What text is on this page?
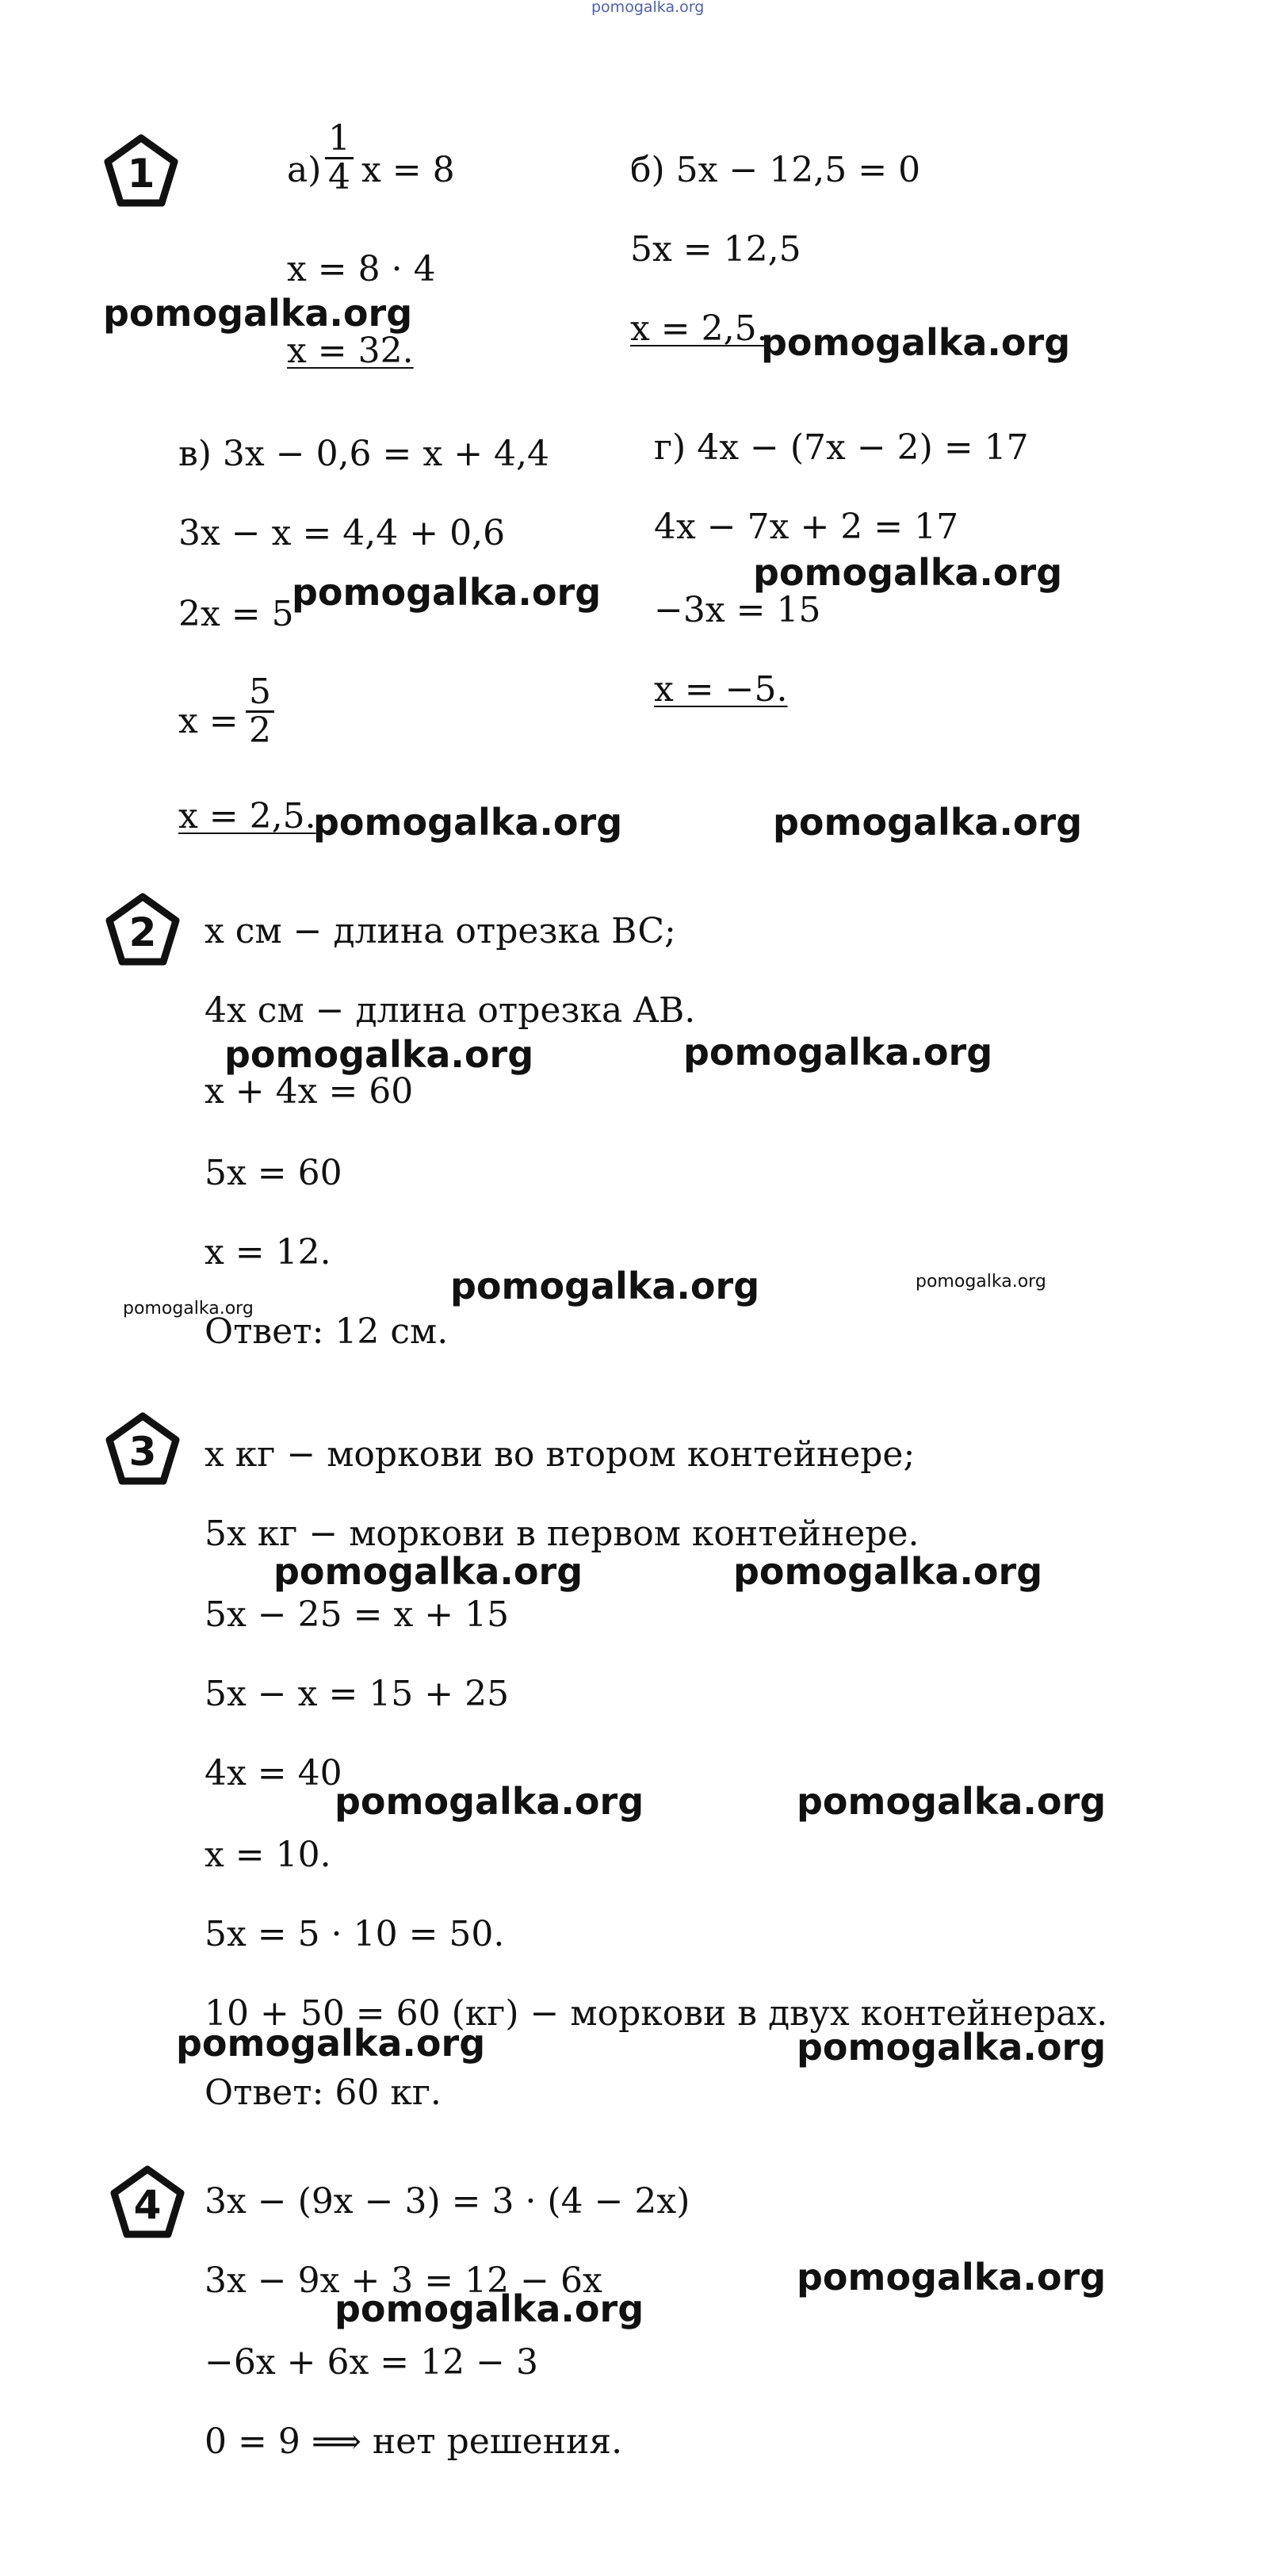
pomogalka.org
1	$а) \frac{1}{4}$ x = 8
x = 8 · 4
x = 32.
б) 5x − 12,5 = 0
5x = 12,5
x = 2,5.
в) 3x − 0,6 = x + 4,4
3x − x = 4,4 + 0,6
2x = 5
$x = \frac{5}{2}$
x = 2,5.
г) 4x − (7x − 2) = 17
4x − 7x + 2 = 17
−3x = 15
x = −5.
pomogalka.org
pomogalka.org
pomogalka.org	pomogalka.org
pomogalka.org	pomogalka.org
2 x см − длина отрезка BC;
4x см − длина отрезка AB.
x + 4x = 60
5x = 60
x = 12.
Ответ: 12 см.
pomogalka.org	pomogalka.org
pomogalka.org
pomogalka.org
pomogalka.org
3 x кг − моркови во втором контейнере;
5x кг − моркови в первом контейнере.
5x − 25 = x + 15
5x − x = 15 + 25
4x = 40
x = 10.
5x = 5 · 10 = 50.
10 + 50 = 60 (кг) − моркови в двух контейнерах.
Ответ: 60 кг.
pomogalka.org	pomogalka.org
pomogalka.org	pomogalka.org
pomogalka.org	pomogalka.org
4 3x − (9x − 3) = 3 · (4 − 2x)
3x − 9x + 3 = 12 − 6x
−6x + 6x = 12 − 3
0 = 9 ⟹ нет решения.
pomogalka.org
pomogalka.org
